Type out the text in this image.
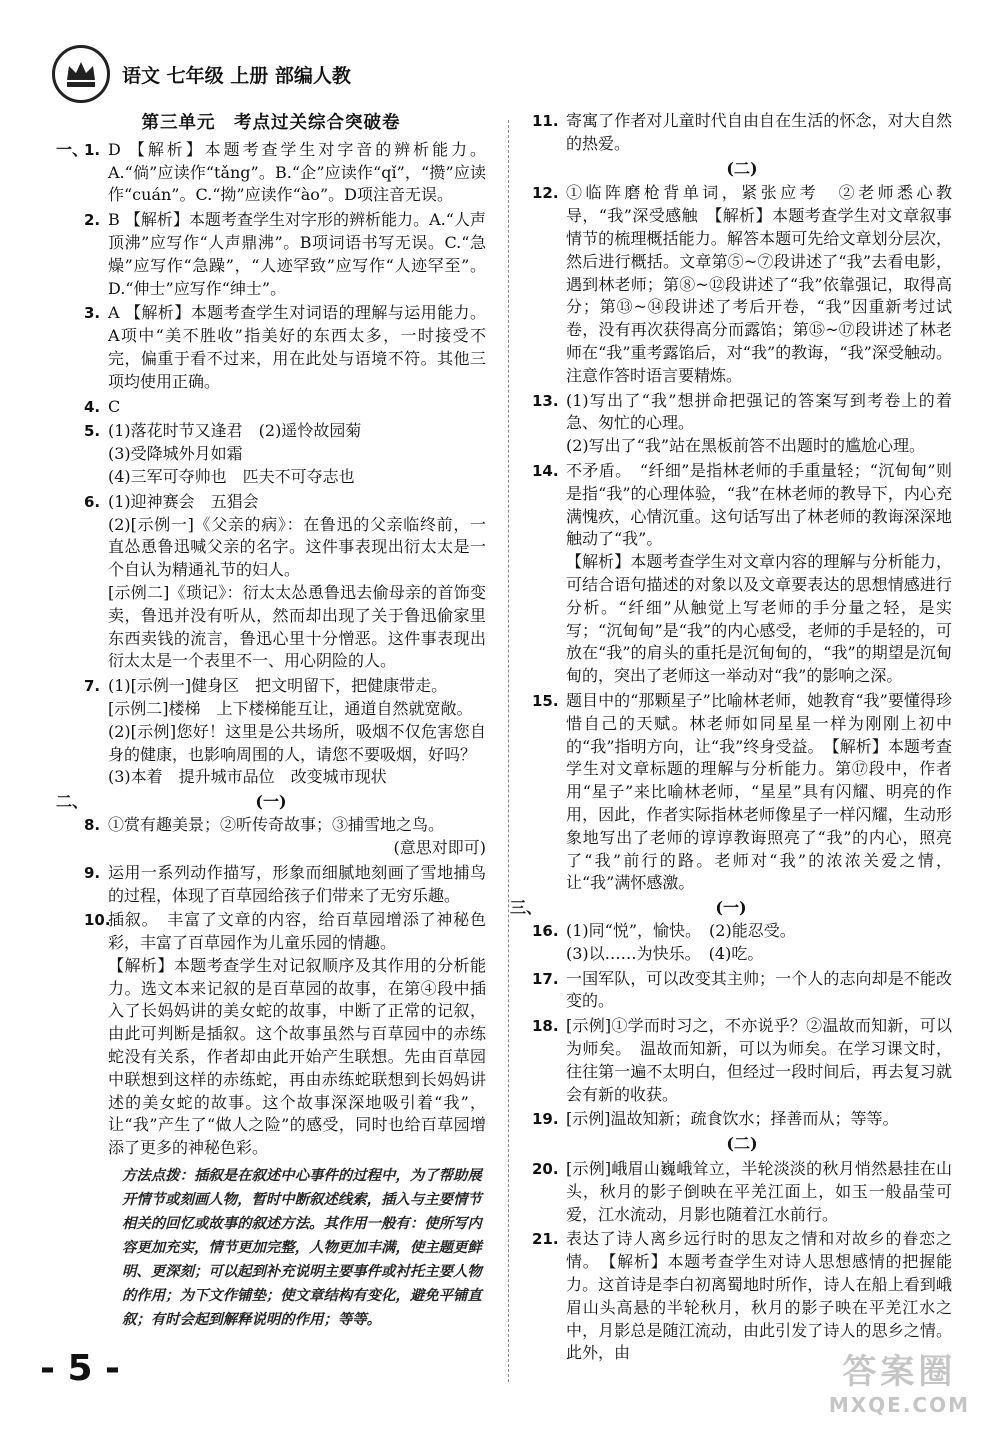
语文 七年级 上册 部编人教
第三单元　考点过关综合突破卷
一、
1. D 【解析】本题考查学生对字音的辨析能力。A.“倘”应读作“tǎng”。B.“企”应读作“qǐ”，“攒”应读作“cuán”。C.“拗”应读作“ào”。D项注音无误。

2. B 【解析】本题考查学生对字形的辨析能力。A.“人声顶沸”应写作“人声鼎沸”。B项词语书写无误。C.“急燥”应写作“急躁”，“人迹罕致”应写作“人迹罕至”。D.“伸士”应写作“绅士”。

3. A 【解析】本题考查学生对词语的理解与运用能力。A项中“美不胜收”指美好的东西太多，一时接受不完，偏重于看不过来，用在此处与语境不符。其他三项均使用正确。

4. C

5. (1)落花时节又逢君　(2)遥怜故园菊

(3)受降城外月如霜

(4)三军可夺帅也　匹夫不可夺志也

6. (1)迎神赛会　五猖会

(2)[示例一]《父亲的病》：在鲁迅的父亲临终前，一直怂恿鲁迅喊父亲的名字。这件事表现出衍太太是一个自认为精通礼节的妇人。

[示例二]《琐记》：衍太太怂恿鲁迅去偷母亲的首饰变卖，鲁迅并没有听从，然而却出现了关于鲁迅偷家里东西卖钱的流言，鲁迅心里十分憎恶。这件事表现出衍太太是一个表里不一、用心阴险的人。

7. (1)[示例一]健身区　把文明留下，把健康带走。

[示例二]楼梯　上下楼梯能互让，通道自然就宽敞。

(2)[示例]您好！这里是公共场所，吸烟不仅危害您自身的健康，也影响周围的人，请您不要吸烟，好吗？

(3)本着　提升城市品位　改变城市现状

二、	(一)
8. ①赏有趣美景；②听传奇故事；③捕雪地之鸟。

(意思对即可)

9. 运用一系列动作描写，形象而细腻地刻画了雪地捕鸟的过程，体现了百草园给孩子们带来了无穷乐趣。

10.

插叙。　丰富了文章的内容，给百草园增添了神秘色彩，丰富了百草园作为儿童乐园的情趣。

【解析】本题考查学生对记叙顺序及其作用的分析能力。选文本来记叙的是百草园的故事，在第④段中插入了长妈妈讲的美女蛇的故事，中断了正常的记叙，由此可判断是插叙。这个故事虽然与百草园中的赤练蛇没有关系，作者却由此开始产生联想。先由百草园中联想到这样的赤练蛇，再由赤练蛇联想到长妈妈讲述的美女蛇的故事。这个故事深深地吸引着“我”，让“我”产生了“做人之险”的感受，同时也给百草园增添了更多的神秘色彩。

方法点拨：插叙是在叙述中心事件的过程中，为了帮助展开情节或刻画人物，暂时中断叙述线索，插入与主要情节相关的回忆或故事的叙述方法。其作用一般有：使所写内容更加充实，情节更加完整，人物更加丰满，使主题更鲜明、更深刻；可以起到补充说明主要事件或衬托主要人物的作用；为下文作铺垫；使文章结构有变化，避免平铺直叙；有时会起到解释说明的作用；等等。
11. 寄寓了作者对儿童时代自由自在生活的怀念，对大自然的热爱。

(二)
12. ①临阵磨枪背单词，紧张应考　②老师悉心教导，“我”深受感触　【解析】本题考查学生对文章叙事情节的梳理概括能力。解答本题可先给文章划分层次，然后进行概括。文章第⑤~⑦段讲述了“我”去看电影，遇到林老师；第⑧~⑫段讲述了“我”依靠强记，取得高分；第⑬~⑭段讲述了考后开卷，“我”因重新考过试卷，没有再次获得高分而露馅；第⑮~⑰段讲述了林老师在“我”重考露馅后，对“我”的教诲，“我”深受触动。注意作答时语言要精炼。

13. (1)写出了“我”想拼命把强记的答案写到考卷上的着急、匆忙的心理。

(2)写出了“我”站在黑板前答不出题时的尴尬心理。

14. 不矛盾。　“纤细”是指林老师的手重量轻；“沉甸甸”则是指“我”的心理体验，“我”在林老师的教导下，内心充满愧疚，心情沉重。这句话写出了林老师的教诲深深地触动了“我”。

【解析】本题考查学生对文章内容的理解与分析能力，可结合语句描述的对象以及文章要表达的思想情感进行分析。“纤细”从触觉上写老师的手分量之轻，是实写；“沉甸甸”是“我”的内心感受，老师的手是轻的，可放在“我”的肩头的重托是沉甸甸的，“我”的期望是沉甸甸的，突出了老师这一举动对“我”的影响之深。

15. 题目中的“那颗星子”比喻林老师，她教育“我”要懂得珍惜自己的天赋。林老师如同星星一样为刚刚上初中的“我”指明方向，让“我”终身受益。　【解析】本题考查学生对文章标题的理解与分析能力。第⑰段中，作者用“星子”来比喻林老师，“星星”具有闪耀、明亮的作用，因此，作者实际指林老师像星子一样闪耀，生动形象地写出了老师的谆谆教诲照亮了“我”的内心，照亮了“我”前行的路。老师对“我”的浓浓关爱之情，让“我”满怀感激。

三、	(一)
16. (1)同“悦”，愉快。　(2)能忍受。

(3)以……为快乐。　(4)吃。

17. 一国军队，可以改变其主帅；一个人的志向却是不能改变的。

18. [示例]①学而时习之，不亦说乎？②温故而知新，可以为师矣。　温故而知新，可以为师矣。在学习课文时，往往第一遍不太明白，但经过一段时间后，再去复习就会有新的收获。

19. [示例]温故知新；疏食饮水；择善而从；等等。

(二)
20. [示例]峨眉山巍峨耸立，半轮淡淡的秋月悄然悬挂在山头，秋月的影子倒映在平羌江面上，如玉一般晶莹可爱，江水流动，月影也随着江水前行。

21. 表达了诗人离乡远行时的思友之情和对故乡的眷恋之情。　【解析】本题考查学生对诗人思想感情的把握能力。这首诗是李白初离蜀地时所作，诗人在船上看到峨眉山头高悬的半轮秋月，秋月的影子映在平羌江水之中，月影总是随江流动，由此引发了诗人的思乡之情。此外，由

- 5 -	答案圈
MXQE.COM
